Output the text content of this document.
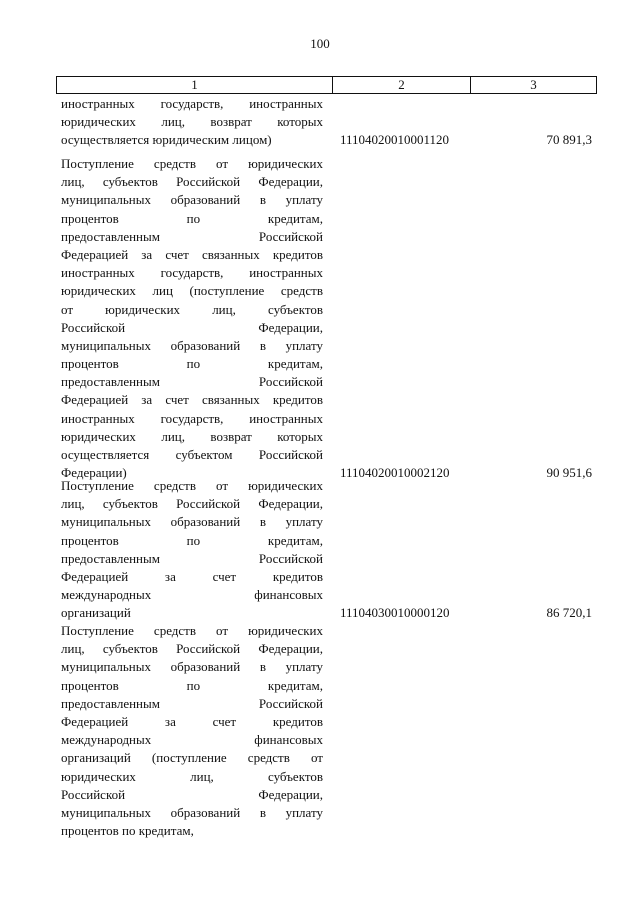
100
1	2	3
иностранных государств, иностранных
юридических лиц, возврат которых
осуществляется юридическим лицом)	11104020010001120	70 891,3
Поступление средств от юридических
лиц, субъектов Российской Федерации,
муниципальных образований в уплату
процентов по кредитам,
предоставленным Российской
Федерацией за счет связанных кредитов
иностранных государств, иностранных
юридических лиц (поступление средств
от юридических лиц, субъектов
Российской Федерации,
муниципальных образований в уплату
процентов по кредитам,
предоставленным Российской
Федерацией за счет связанных кредитов
иностранных государств, иностранных
юридических лиц, возврат которых
осуществляется субъектом Российской
Федерации)	11104020010002120	90 951,6
Поступление средств от юридических
лиц, субъектов Российской Федерации,
муниципальных образований в уплату
процентов по кредитам,
предоставленным Российской
Федерацией за счет кредитов
международных финансовых
организаций	11104030010000120	86 720,1
Поступление средств от юридических
лиц, субъектов Российской Федерации,
муниципальных образований в уплату
процентов по кредитам,
предоставленным Российской
Федерацией за счет кредитов
международных финансовых
организаций (поступление средств от
юридических лиц, субъектов
Российской Федерации,
муниципальных образований в уплату
процентов по кредитам,
